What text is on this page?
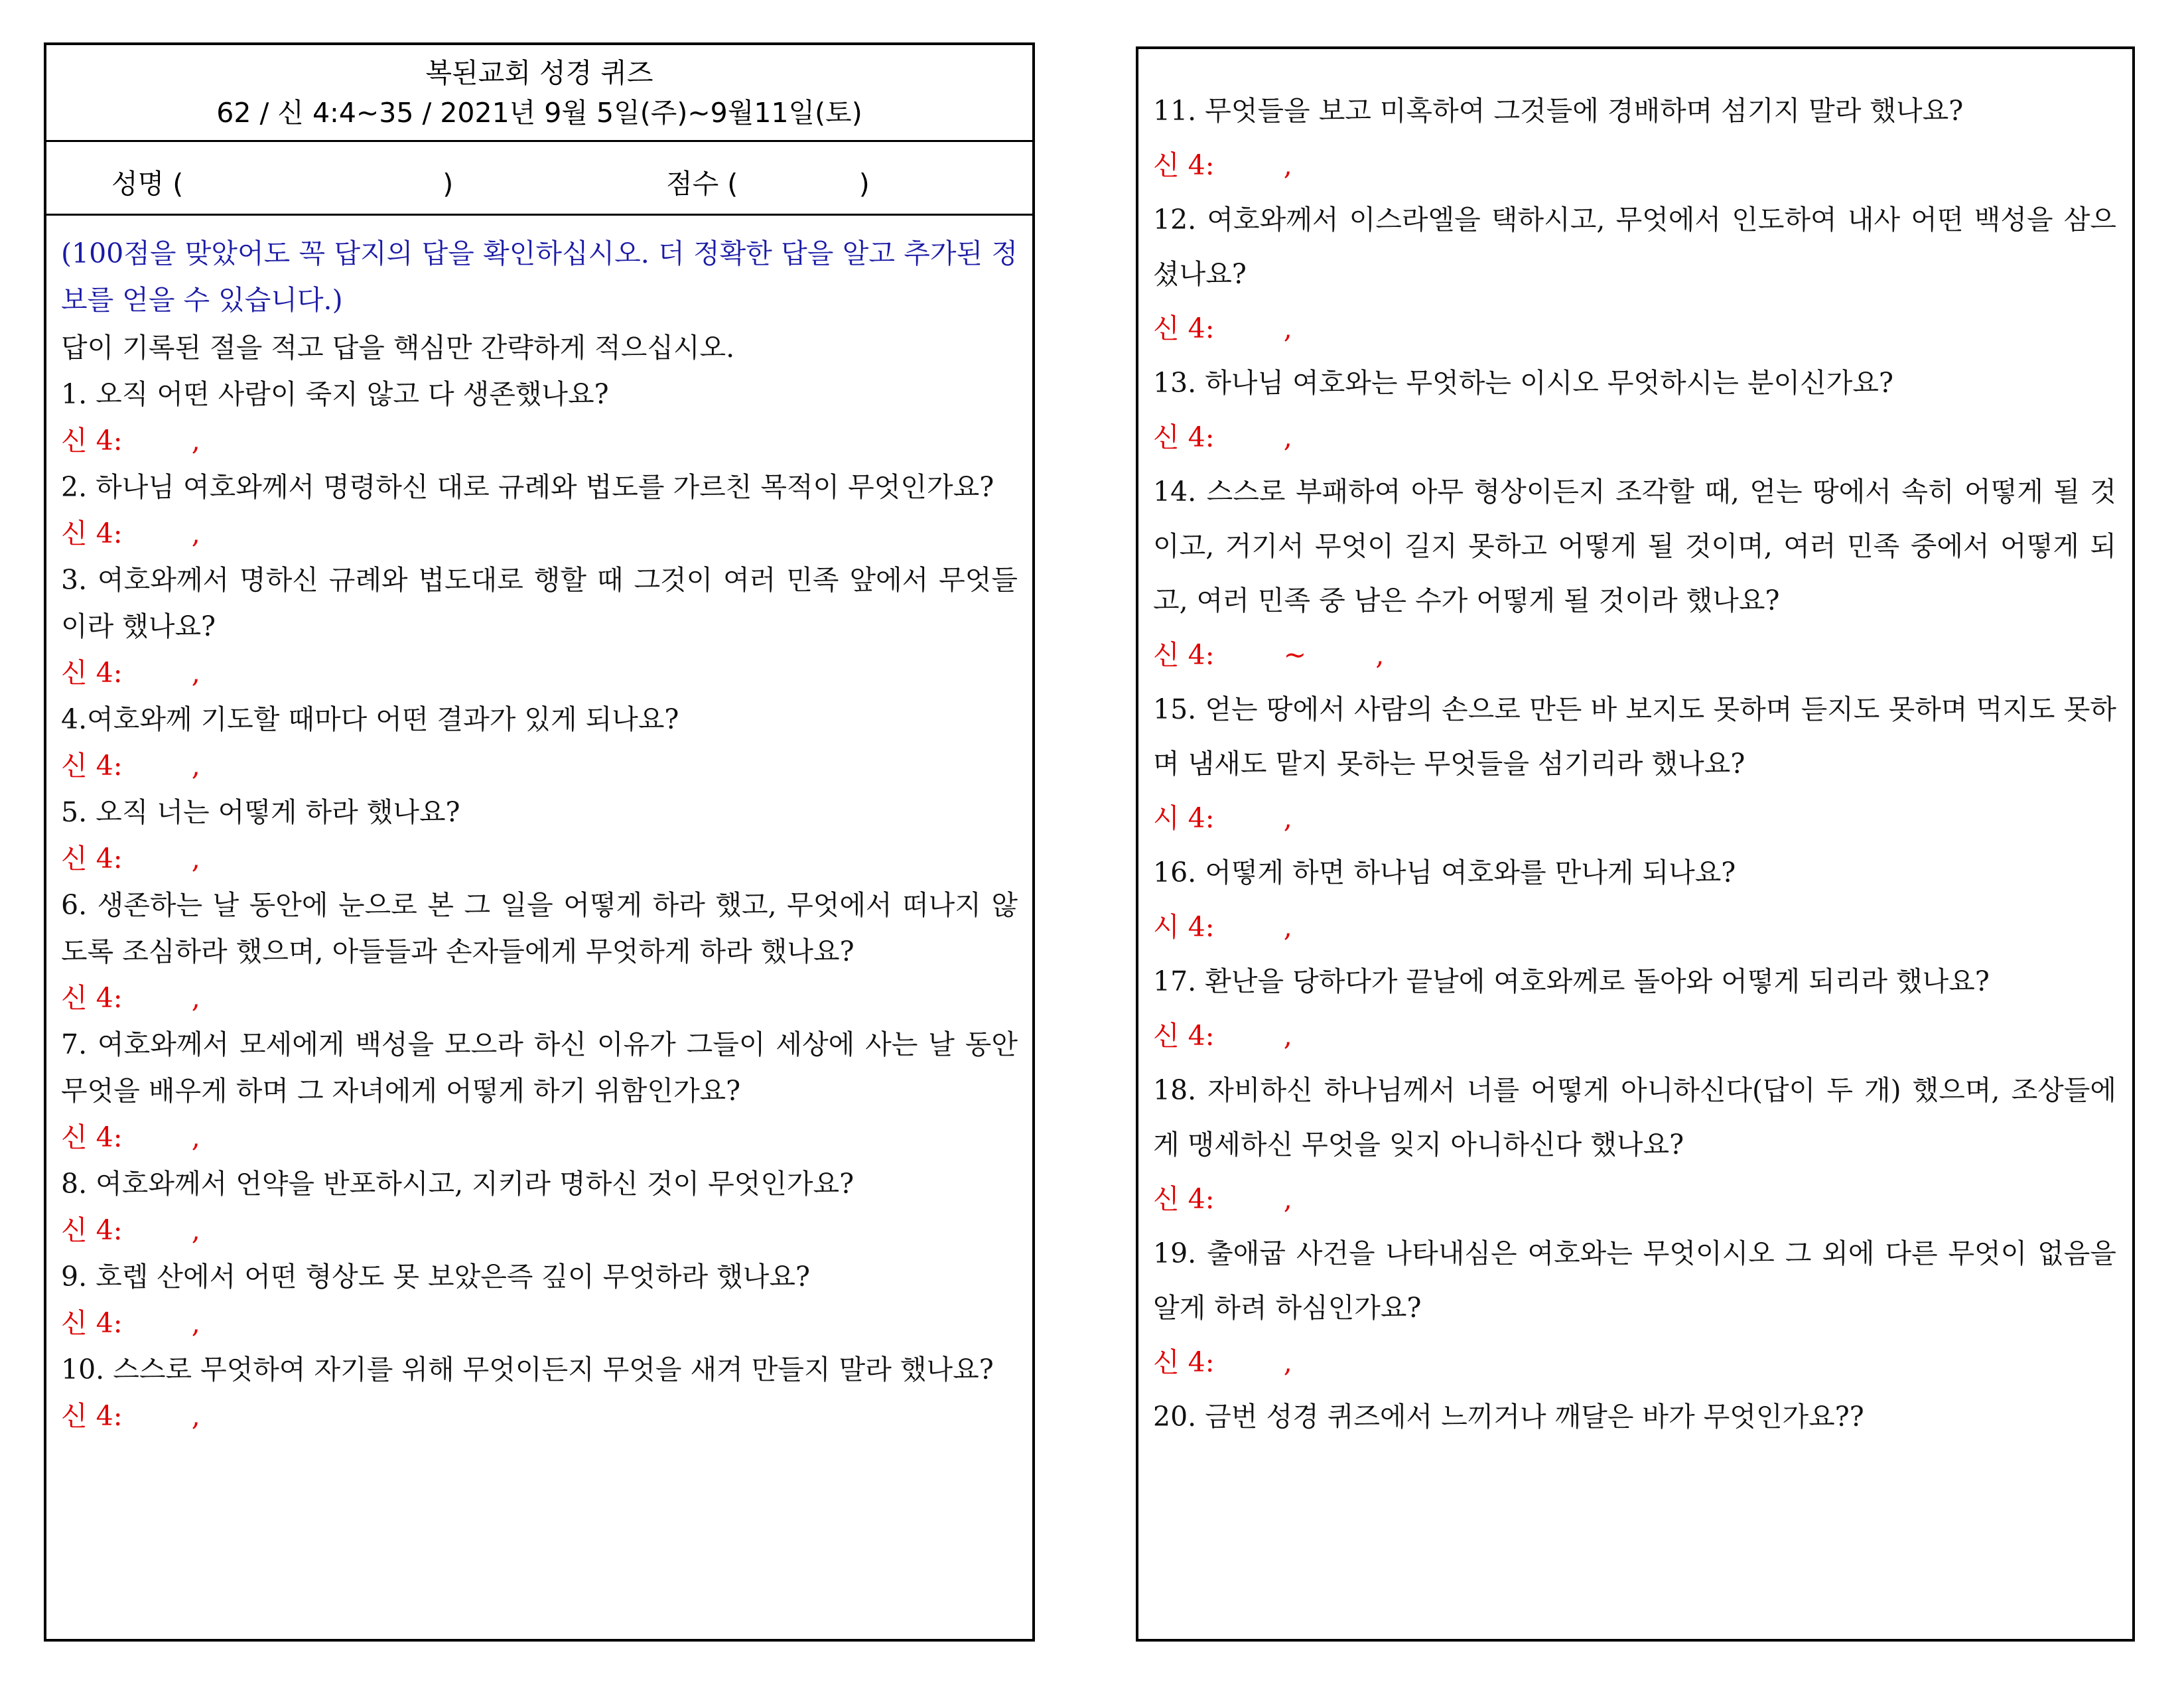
복된교회 성경 퀴즈
62 / 신 4:4~35 / 2021년 9월 5일(주)~9월11일(토)
성명 (                              )	점수 (              )

(100점을 맞았어도 꼭 답지의 답을 확인하십시오. 더 정확한 답을 알고 추가된 정보를 얻을 수 있습니다.)

답이 기록된 절을 적고 답을 핵심만 간략하게 적으십시오.

1. 오직 어떤 사람이 죽지 않고 다 생존했나요?

신 4:        ,

2. 하나님 여호와께서 명령하신 대로 규례와 법도를 가르친 목적이 무엇인가요?

신 4:        ,

3. 여호와께서 명하신 규례와 법도대로 행할 때 그것이 여러 민족 앞에서 무엇들이라 했나요?

신 4:        ,

4.여호와께 기도할 때마다 어떤 결과가 있게 되나요?

신 4:        ,

5. 오직 너는 어떻게 하라 했나요?

신 4:        ,

6. 생존하는 날 동안에 눈으로 본 그 일을 어떻게 하라 했고, 무엇에서 떠나지 않도록 조심하라 했으며, 아들들과 손자들에게 무엇하게 하라 했나요?

신 4:        ,

7. 여호와께서 모세에게 백성을 모으라 하신 이유가 그들이 세상에 사는 날 동안 무엇을 배우게 하며 그 자녀에게 어떻게 하기 위함인가요?

신 4:        ,

8. 여호와께서 언약을 반포하시고, 지키라 명하신 것이 무엇인가요?

신 4:        ,

9. 호렙 산에서 어떤 형상도 못 보았은즉 깊이 무엇하라 했나요?

신 4:        ,

10. 스스로 무엇하여 자기를 위해 무엇이든지 무엇을 새겨 만들지 말라 했나요?

신 4:        ,

11. 무엇들을 보고 미혹하여 그것들에 경배하며 섬기지 말라 했나요?

신 4:        ,

12. 여호와께서 이스라엘을 택하시고, 무엇에서 인도하여 내사 어떤 백성을 삼으셨나요?

신 4:        ,

13. 하나님 여호와는 무엇하는 이시오 무엇하시는 분이신가요?

신 4:        ,

14. 스스로 부패하여 아무 형상이든지 조각할 때, 얻는 땅에서 속히 어떻게 될 것이고, 거기서 무엇이 길지 못하고 어떻게 될 것이며, 여러 민족 중에서 어떻게 되고, 여러 민족 중 남은 수가 어떻게 될 것이라 했나요?

신 4:        ~        ,

15. 얻는 땅에서 사람의 손으로 만든 바 보지도 못하며 듣지도 못하며 먹지도 못하며 냄새도 맡지 못하는 무엇들을 섬기리라 했나요?

시 4:        ,

16. 어떻게 하면 하나님 여호와를 만나게 되나요?

시 4:        ,

17. 환난을 당하다가 끝날에 여호와께로 돌아와 어떻게 되리라 했나요?

신 4:        ,

18. 자비하신 하나님께서 너를 어떻게 아니하신다(답이 두 개) 했으며, 조상들에게 맹세하신 무엇을 잊지 아니하신다 했나요?

신 4:        ,

19. 출애굽 사건을 나타내심은 여호와는 무엇이시오 그 외에 다른 무엇이 없음을 알게 하려 하심인가요?

신 4:        ,

20. 금번 성경 퀴즈에서 느끼거나 깨달은 바가 무엇인가요??
